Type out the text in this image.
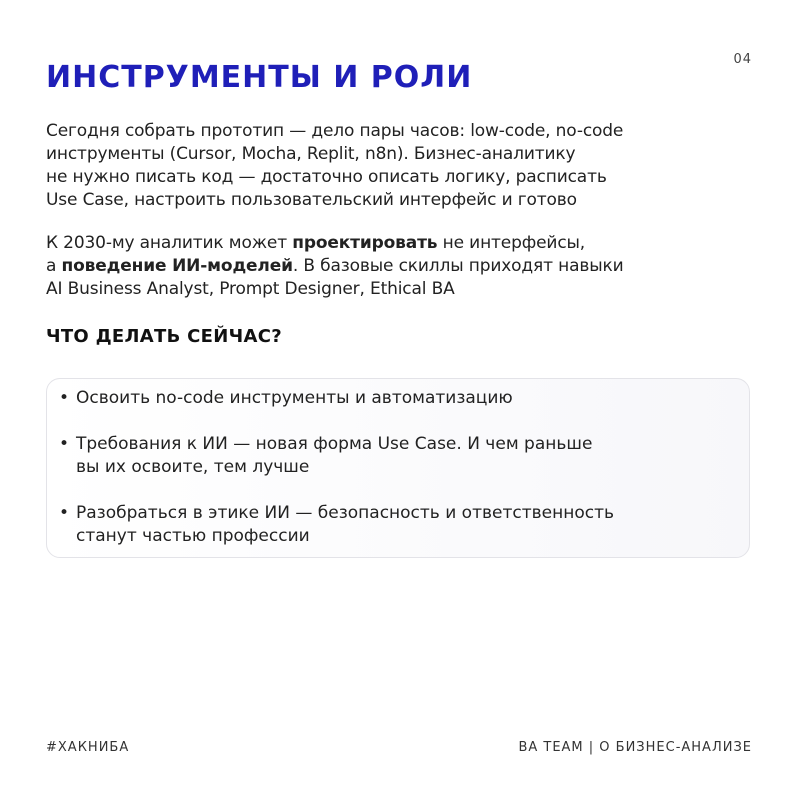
04
ИНСТРУМЕНТЫ И РОЛИ
Сегодня собрать прототип — дело пары часов: low-code, no-code
инструменты (Cursor, Mocha, Replit, n8n). Бизнес-аналитику
не нужно писать код — достаточно описать логику, расписать
Use Case, настроить пользовательский интерфейс и готово
К 2030-му аналитик может проектировать не интерфейсы,
а поведение ИИ-моделей. В базовые скиллы приходят навыки
AI Business Analyst, Prompt Designer, Ethical BA
ЧТО ДЕЛАТЬ СЕЙЧАС?
• Освоить no-code инструменты и автоматизацию
• Требования к ИИ — новая форма Use Case. И чем раньше
вы их освоите, тем лучше
• Разобраться в этике ИИ — безопасность и ответственность
станут частью профессии
#ХАКНИБА	BA TEAM | О БИЗНЕС-АНАЛИЗЕ
